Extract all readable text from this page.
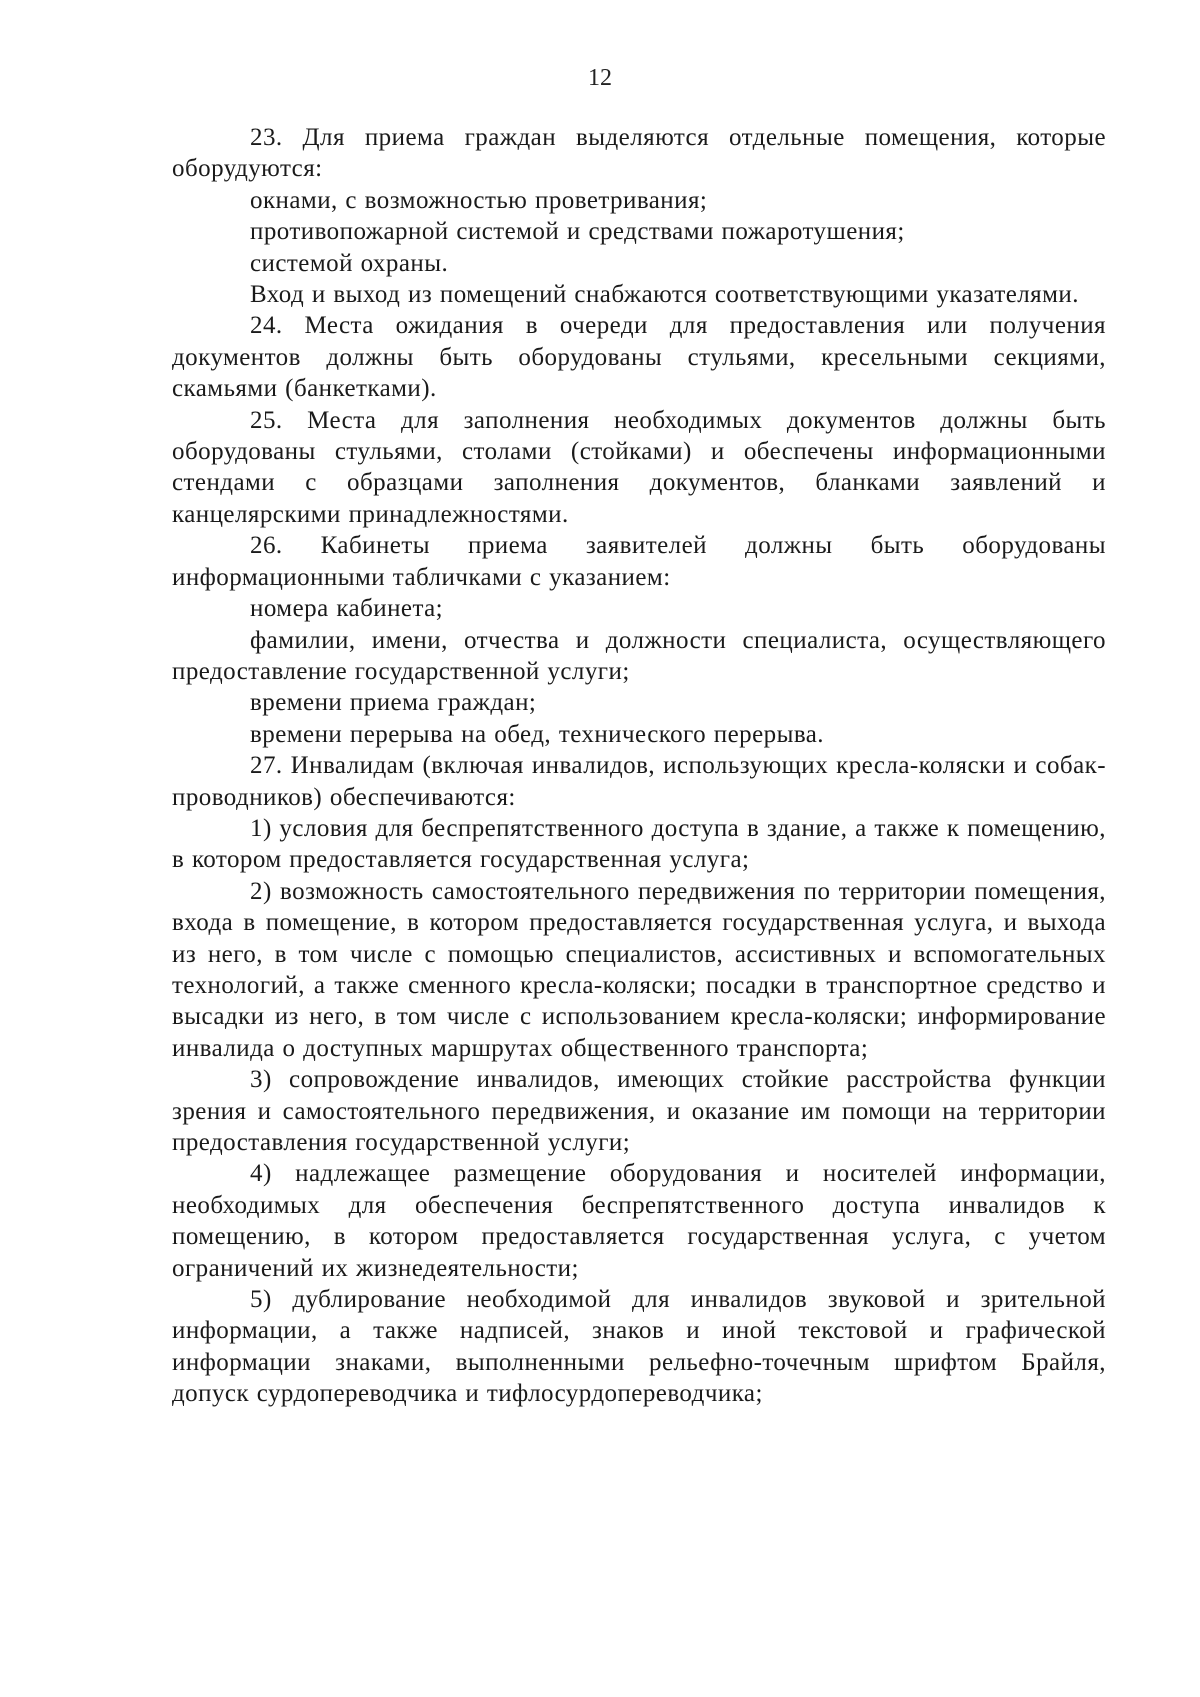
12

23. Для приема граждан выделяются отдельные помещения, которые оборудуются:

окнами, с возможностью проветривания;

противопожарной системой и средствами пожаротушения;

системой охраны.

Вход и выход из помещений снабжаются соответствующими указателями.

24. Места ожидания в очереди для предоставления или получения документов должны быть оборудованы стульями, кресельными секциями, скамьями (банкетками).

25. Места для заполнения необходимых документов должны быть оборудованы стульями, столами (стойками) и обеспечены информационными стендами с образцами заполнения документов, бланками заявлений и канцелярскими принадлежностями.

26. Кабинеты приема заявителей должны быть оборудованы информационными табличками с указанием:

номера кабинета;

фамилии, имени, отчества и должности специалиста, осуществляющего предоставление государственной услуги;

времени приема граждан;

времени перерыва на обед, технического перерыва.

27. Инвалидам (включая инвалидов, использующих кресла-коляски и собак-проводников) обеспечиваются:

1) условия для беспрепятственного доступа в здание, а также к помещению, в котором предоставляется государственная услуга;

2) возможность самостоятельного передвижения по территории помещения, входа в помещение, в котором предоставляется государственная услуга, и выхода из него, в том числе с помощью специалистов, ассистивных и вспомогательных технологий, а также сменного кресла-коляски; посадки в транспортное средство и высадки из него, в том числе с использованием кресла-коляски; информирование инвалида о доступных маршрутах общественного транспорта;

3) сопровождение инвалидов, имеющих стойкие расстройства функции зрения и самостоятельного передвижения, и оказание им помощи на территории предоставления государственной услуги;

4) надлежащее размещение оборудования и носителей информации, необходимых для обеспечения беспрепятственного доступа инвалидов к помещению, в котором предоставляется государственная услуга, с учетом ограничений их жизнедеятельности;

5) дублирование необходимой для инвалидов звуковой и зрительной информации, а также надписей, знаков и иной текстовой и графической информации знаками, выполненными рельефно-точечным шрифтом Брайля, допуск сурдопереводчика и тифлосурдопереводчика;
